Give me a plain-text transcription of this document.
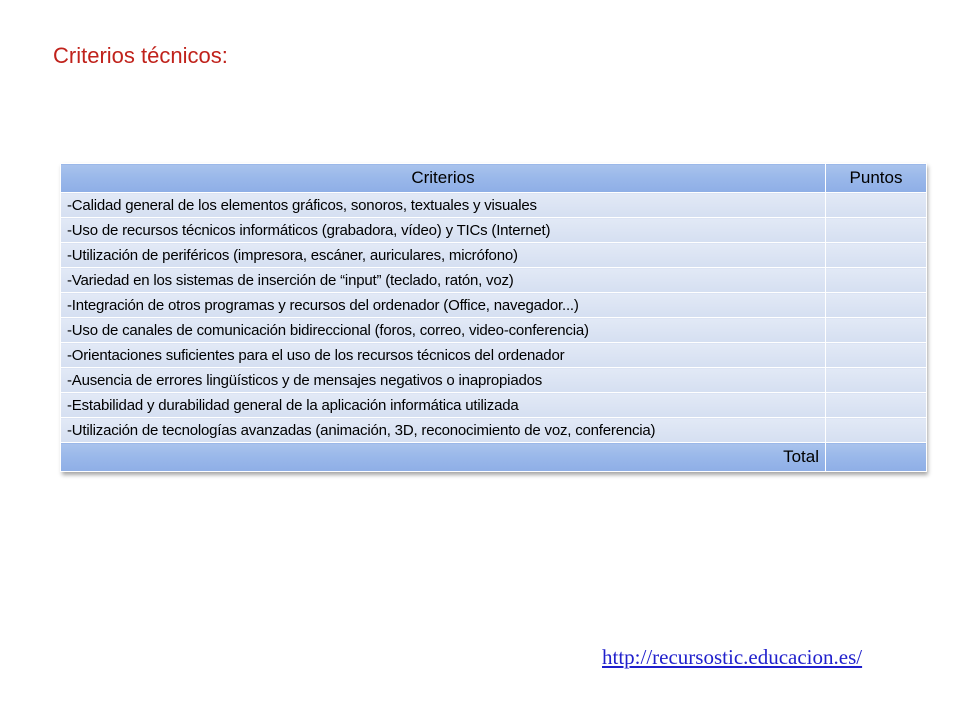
Criterios técnicos:
Criterios	Puntos
-Calidad general de los elementos gráficos, sonoros, textuales y visuales	
-Uso de recursos técnicos informáticos (grabadora, vídeo) y TICs (Internet)	
-Utilización de periféricos (impresora, escáner, auriculares, micrófono)	
-Variedad en los sistemas de inserción de “input” (teclado, ratón, voz)	
-Integración de otros programas y recursos del ordenador (Office, navegador...)	
-Uso de canales de comunicación bidireccional (foros, correo, video-conferencia)	
-Orientaciones suficientes para el uso de los recursos técnicos del ordenador	
-Ausencia de errores lingüísticos y de mensajes negativos o inapropiados	
-Estabilidad y durabilidad general de la aplicación informática utilizada	
-Utilización de tecnologías avanzadas (animación, 3D, reconocimiento de voz, conferencia)	
Total	
http://recursostic.educacion.es/
